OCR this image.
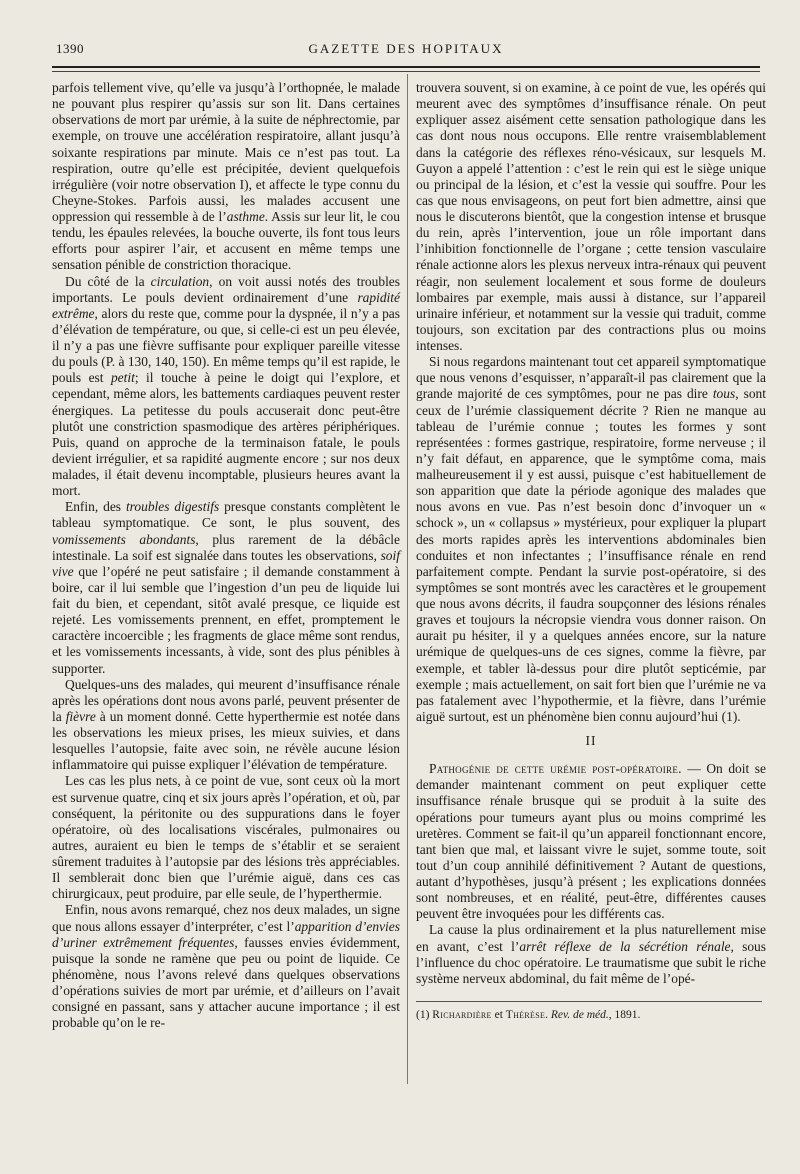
1390	GAZETTE DES HOPITAUX

parfois tellement vive, qu’elle va jusqu’à l’orthopnée, le malade ne pouvant plus respirer qu’assis sur son lit. Dans certaines observations de mort par urémie, à la suite de néphrectomie, par exemple, on trouve une accélération respiratoire, allant jusqu’à soixante respirations par minute. Mais ce n’est pas tout. La respiration, outre qu’elle est précipitée, devient quelquefois irrégulière (voir notre observation I), et affecte le type connu du Cheyne-Stokes. Parfois aussi, les malades accusent une oppression qui ressemble à de l’asthme. Assis sur leur lit, le cou tendu, les épaules relevées, la bouche ouverte, ils font tous leurs efforts pour aspirer l’air, et accusent en même temps une sensation pénible de constriction thoracique.

Du côté de la circulation, on voit aussi notés des troubles importants. Le pouls devient ordinairement d’une rapidité extrême, alors du reste que, comme pour la dyspnée, il n’y a pas d’élévation de température, ou que, si celle-ci est un peu élevée, il n’y a pas une fièvre suffisante pour expliquer pareille vitesse du pouls (P. à 130, 140, 150). En même temps qu’il est rapide, le pouls est petit; il touche à peine le doigt qui l’explore, et cependant, même alors, les battements cardiaques peuvent rester énergiques. La petitesse du pouls accuserait donc peut-être plutôt une constriction spasmodique des artères périphériques. Puis, quand on approche de la terminaison fatale, le pouls devient irrégulier, et sa rapidité augmente encore ; sur nos deux malades, il était devenu incomptable, plusieurs heures avant la mort.

Enfin, des troubles digestifs presque constants complètent le tableau symptomatique. Ce sont, le plus souvent, des vomissements abondants, plus rarement de la débâcle intestinale. La soif est signalée dans toutes les observations, soif vive que l’opéré ne peut satisfaire ; il demande constamment à boire, car il lui semble que l’ingestion d’un peu de liquide lui fait du bien, et cependant, sitôt avalé presque, ce liquide est rejeté. Les vomissements prennent, en effet, promptement le caractère incoercible ; les fragments de glace même sont rendus, et les vomissements incessants, à vide, sont des plus pénibles à supporter.

Quelques-uns des malades, qui meurent d’insuffisance rénale après les opérations dont nous avons parlé, peuvent présenter de la fièvre à un moment donné. Cette hyperthermie est notée dans les observations les mieux prises, les mieux suivies, et dans lesquelles l’autopsie, faite avec soin, ne révèle aucune lésion inflammatoire qui puisse expliquer l’élévation de température.

Les cas les plus nets, à ce point de vue, sont ceux où la mort est survenue quatre, cinq et six jours après l’opération, et où, par conséquent, la péritonite ou des suppurations dans le foyer opératoire, où des localisations viscérales, pulmonaires ou autres, auraient eu bien le temps de s’établir et se seraient sûrement traduites à l’autopsie par des lésions très appréciables. Il semblerait donc bien que l’urémie aiguë, dans ces cas chirurgicaux, peut produire, par elle seule, de l’hyperthermie.

Enfin, nous avons remarqué, chez nos deux malades, un signe que nous allons essayer d’interpréter, c’est l’apparition d’envies d’uriner extrêmement fréquentes, fausses envies évidemment, puisque la sonde ne ramène que peu ou point de liquide. Ce phénomène, nous l’avons relevé dans quelques observations d’opérations suivies de mort par urémie, et d’ailleurs on l’avait consigné en passant, sans y attacher aucune importance ; il est probable qu’on le re-

trouvera souvent, si on examine, à ce point de vue, les opérés qui meurent avec des symptômes d’insuffisance rénale. On peut expliquer assez aisément cette sensation pathologique dans les cas dont nous nous occupons. Elle rentre vraisemblablement dans la catégorie des réflexes réno-vésicaux, sur lesquels M. Guyon a appelé l’attention : c’est le rein qui est le siège unique ou principal de la lésion, et c’est la vessie qui souffre. Pour les cas que nous envisageons, on peut fort bien admettre, ainsi que nous le discuterons bientôt, que la congestion intense et brusque du rein, après l’intervention, joue un rôle important dans l’inhibition fonctionnelle de l’organe ; cette tension vasculaire rénale actionne alors les plexus nerveux intra-rénaux qui peuvent réagir, non seulement localement et sous forme de douleurs lombaires par exemple, mais aussi à distance, sur l’appareil urinaire inférieur, et notamment sur la vessie qui traduit, comme toujours, son excitation par des contractions plus ou moins intenses.

Si nous regardons maintenant tout cet appareil symptomatique que nous venons d’esquisser, n’apparaît-il pas clairement que la grande majorité de ces symptômes, pour ne pas dire tous, sont ceux de l’urémie classiquement décrite ? Rien ne manque au tableau de l’urémie connue ; toutes les formes y sont représentées : formes gastrique, respiratoire, forme nerveuse ; il n’y fait défaut, en apparence, que le symptôme coma, mais malheureusement il y est aussi, puisque c’est habituellement de son apparition que date la période agonique des malades que nous avons en vue. Pas n’est besoin donc d’invoquer un « schock », un « collapsus » mystérieux, pour expliquer la plupart des morts rapides après les interventions abdominales bien conduites et non infectantes ; l’insuffisance rénale en rend parfaitement compte. Pendant la survie post-opératoire, si des symptômes se sont montrés avec les caractères et le groupement que nous avons décrits, il faudra soupçonner des lésions rénales graves et toujours la nécropsie viendra vous donner raison. On aurait pu hésiter, il y a quelques années encore, sur la nature urémique de quelques-uns de ces signes, comme la fièvre, par exemple, et tabler là-dessus pour dire plutôt septicémie, par exemple ; mais actuellement, on sait fort bien que l’urémie ne va pas fatalement avec l’hypothermie, et la fièvre, dans l’urémie aiguë surtout, est un phénomène bien connu aujourd’hui (1).

II

Pathogénie de cette urémie post-opératoire. — On doit se demander maintenant comment on peut expliquer cette insuffisance rénale brusque qui se produit à la suite des opérations pour tumeurs ayant plus ou moins comprimé les uretères. Comment se fait-il qu’un appareil fonctionnant encore, tant bien que mal, et laissant vivre le sujet, somme toute, soit tout d’un coup annihilé définitivement ? Autant de questions, autant d’hypothèses, jusqu’à présent ; les explications données sont nombreuses, et en réalité, peut-être, différentes causes peuvent être invoquées pour les différents cas.

La cause la plus ordinairement et la plus naturellement mise en avant, c’est l’arrêt réflexe de la sécrétion rénale, sous l’influence du choc opératoire. Le traumatisme que subit le riche système nerveux abdominal, du fait même de l’opé-

(1) Richardière et Thérèse. Rev. de méd., 1891.
